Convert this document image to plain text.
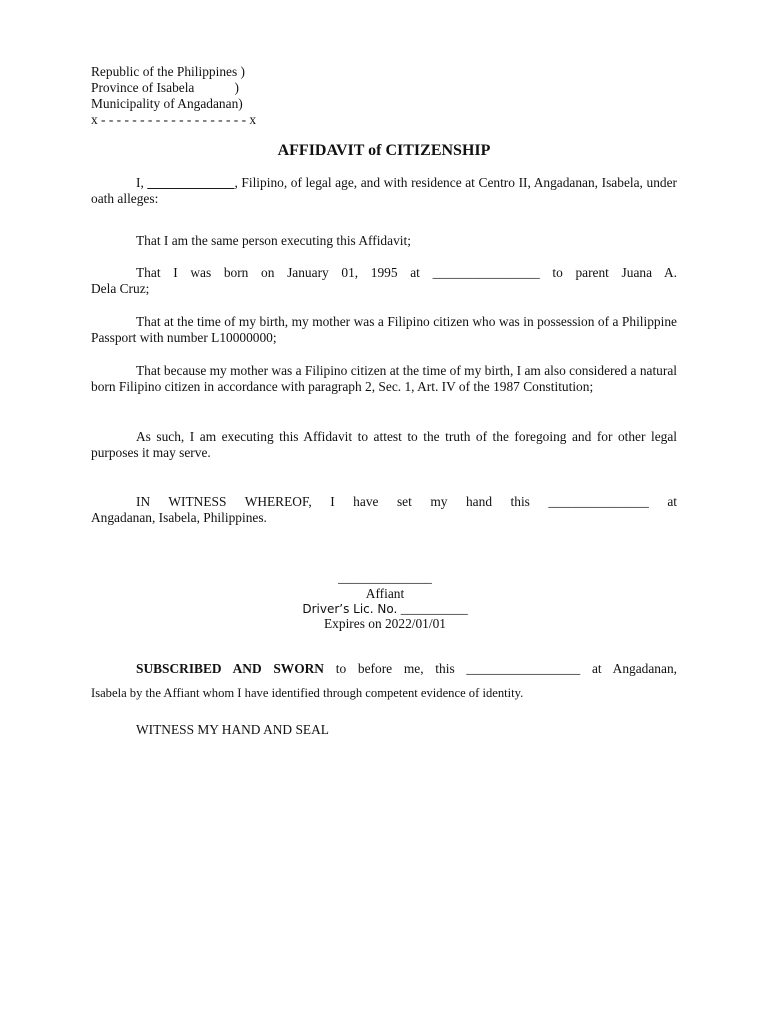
Republic of the Philippines )
Province of Isabela            )
Municipality of Angadanan)
x - - - - - - - - - - - - - - - - - - - x
AFFIDAVIT of CITIZENSHIP

I, _____________, Filipino, of legal age, and with residence at Centro II, Angadanan, Isabela, under oath alleges:

That I am the same person executing this Affidavit;

That I was born on January 01, 1995 at ________________ to parent Juana A.
Dela Cruz;

That at the time of my birth, my mother was a Filipino citizen who was in possession of a Philippine Passport with number L10000000;

That because my mother was a Filipino citizen at the time of my birth, I am also considered a natural born Filipino citizen in accordance with paragraph 2, Sec. 1, Art. IV of the 1987 Constitution;

As such, I am executing this Affidavit to attest to the truth of the foregoing and for other legal purposes it may serve.

IN WITNESS WHEREOF, I have set my hand this _______________ at
Angadanan, Isabela, Philippines.
______________
Affiant
Driver’s Lic. No. __________
Expires on 2022/01/01
SUBSCRIBED AND SWORN to before me, this _________________ at Angadanan,
Isabela by the Affiant whom I have identified through competent evidence of identity.

WITNESS MY HAND AND SEAL
